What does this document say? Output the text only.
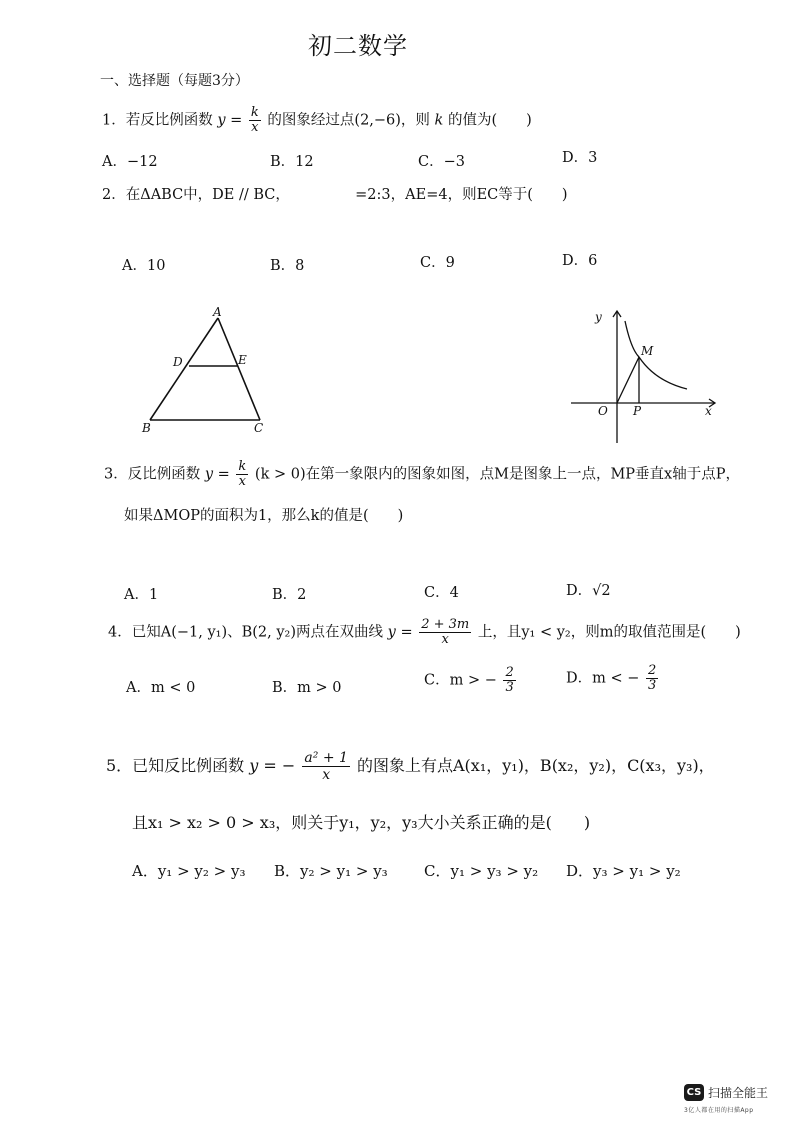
初二数学
一、选择题（每题3分）
1．若反比例函数 $y = \frac{k}{x}$ 的图象经过点(2,−6)，则 k 的值为(　　)
A．−12	B．12	C．−3	D．3
2．在ΔABC中，DE // BC，　　　　　=2:3，AE=4，则EC等于(　　)
A．10	B．8	C．9	D．6
A
D	E
B	C
y
x
O P
M
3．反比例函数 $y = \frac{k}{x} (k > 0)$在第一象限内的图象如图，点M是图象上一点，MP垂直x轴于点P，
如果ΔMOP的面积为1，那么k的值是(　　)
A．1	B．2	C．4	D．√2
4．已知A(−1, y₁)、B(2, y₂)两点在双曲线 $y = \frac{2 + 3m}{x}$ 上，且y₁ < y₂，则m的取值范围是(　　)
A．m < 0	B．m > 0	C．m > − $\frac{2}{3}$	D．m < − $\frac{2}{3}$
5．已知反比例函数 y = − $\frac{\text{a² + 1}}{x}$ 的图象上有点A(x₁，y₁)，B(x₂，y₂)，C(x₃，y₃)，
且x₁ > x₂ > 0 > x₃，则关于y₁，y₂，y₃大小关系正确的是(　　)
A．y₁ > y₂ > y₃ B．y₂ > y₁ > y₃ C．y₁ > y₃ > y₂ D．y₃ > y₁ > y₂
CS 扫描全能王
3亿人都在用的扫描App
